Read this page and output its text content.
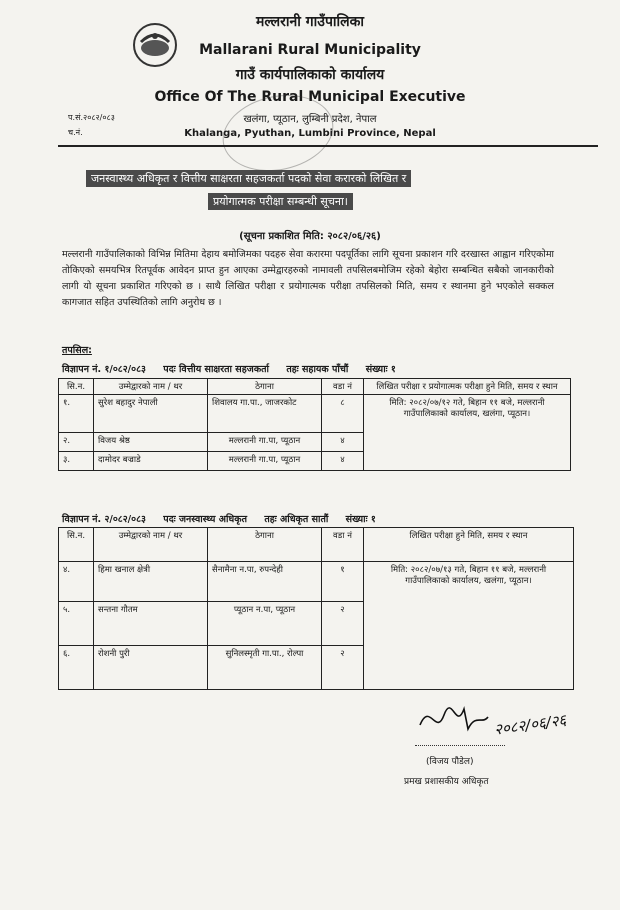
मल्लरानी गाउँपालिका
Mallarani Rural Municipality
गाउँ कार्यपालिकाको कार्यालय
Office Of The Rural Municipal Executive
खलंगा, प्यूठान, लुम्बिनी प्रदेश, नेपाल
Khalanga, Pyuthan, Lumbini Province, Nepal
प.सं.२०८२/०८३
च.नं.
जनस्वास्थ्य अधिकृत र वित्तीय साक्षरता सहजकर्ता पदको सेवा करारको लिखित र
प्रयोगात्मक परीक्षा सम्बन्धी सूचना।
(सूचना प्रकाशित मिति: २०८२/०६/२६)
मल्लरानी गाउँपालिकाको विभिन्न मितिमा देहाय बमोजिमका पदहरु सेवा करारमा पदपूर्तिका लागि सूचना प्रकाशन गरि दरखास्त आह्वान गरिएकोमा तोकिएको समयभित्र रितपूर्वक आवेदन प्राप्त हुन आएका उम्मेद्वारहरुको नामावली तपसिलबमोजिम रहेको बेहोरा सम्बन्धित सबैको जानकारीको लागी यो सूचना प्रकाशित गरिएको छ । साथै लिखित परीक्षा र प्रयोगात्मक परीक्षा तपसिलको मिति, समय र स्थानमा हुने भएकोले सक्कल कागजात सहित उपस्थितिको लागि अनुरोध छ ।
तपसिल:
विज्ञापन नं. १/०८२/०८३ पदः वित्तीय साक्षरता सहजकर्ता तहः सहायक पाँचौं संख्याः १
सि.न.	उम्मेद्वारको नाम / थर	ठेगाना	वडा नं	लिखित परीक्षा र प्रयोगात्मक परीक्षा हुने मिति, समय र स्थान
१.	सुरेश बहादुर नेपाली	शिवालय गा.पा., जाजरकोट	८	मिति: २०८२/०७/१२ गते, बिहान ११ बजे, मल्लरानी गाउँपालिकाको कार्यालय, खलंगा, प्यूठान।
२.	विजय श्रेष्ठ	मल्लरानी गा.पा, प्यूठान	४	
३.	दामोदर बज्राडे	मल्लरानी गा.पा, प्यूठान	४	
विज्ञापन नं. २/०८२/०८३ पदः जनस्वास्थ्य अधिकृत तहः अधिकृत सातौं संख्याः १
सि.न.	उम्मेद्वारको नाम / थर	ठेगाना	वडा नं	लिखित परीक्षा हुने मिति, समय र स्थान
४.	हिमा खनाल क्षेत्री	सैनामैना न.पा, रुपन्देही	१	मिति: २०८२/०७/१३ गते, बिहान ११ बजे, मल्लरानी गाउँपालिकाको कार्यालय, खलंगा, प्यूठान।
५.	सन्तना गौतम	प्यूठान न.पा, प्यूठान	२	
६.	रोशनी पुरी	सुनिलस्मृती गा.पा., रोल्पा	२	
२०८२/०६/२६
(विजय पौडेल)
प्रमख प्रशासकीय अधिकृत
